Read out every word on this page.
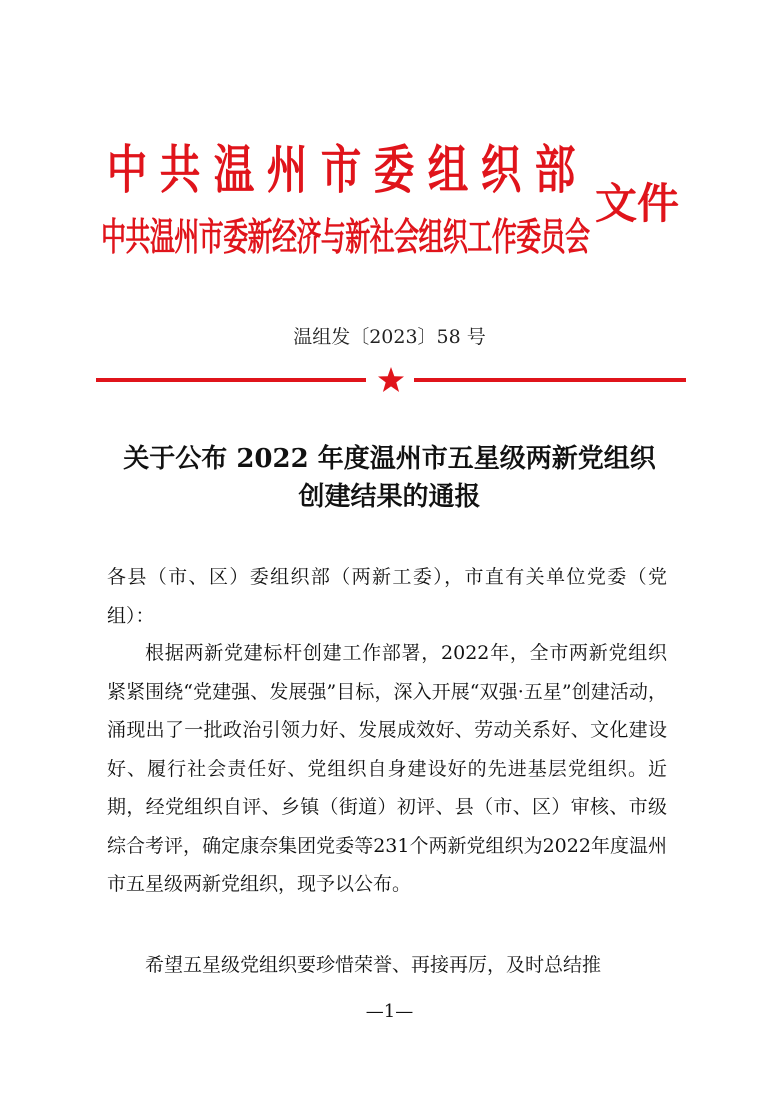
中 共 温 州 市 委 组 织 部
中共温州市委新经济与新社会组织工作委员会
文件
温组发〔2023〕58 号
关于公布 2022 年度温州市五星级两新党组织
创建结果的通报
各县（市、区）委组织部（两新工委），市直有关单位党委（党组）：
根据两新党建标杆创建工作部署，2022年，全市两新党组织紧紧围绕“党建强、发展强”目标，深入开展“双强·五星”创建活动，涌现出了一批政治引领力好、发展成效好、劳动关系好、文化建设好、履行社会责任好、党组织自身建设好的先进基层党组织。近期，经党组织自评、乡镇（街道）初评、县（市、区）审核、市级综合考评，确定康奈集团党委等231个两新党组织为2022年度温州市五星级两新党组织，现予以公布。
希望五星级党组织要珍惜荣誉、再接再厉，及时总结推
—1—
